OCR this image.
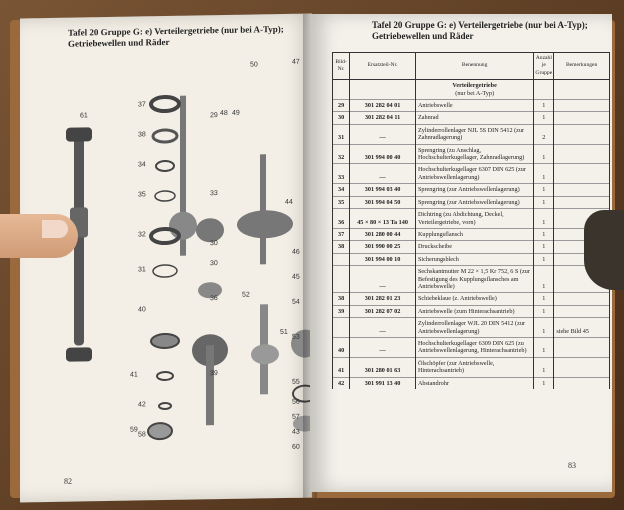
Tafel 20 Gruppe G: e) Verteilergetriebe (nur bei A-Typ);
Getriebewellen und Räder
37
38
29
50
49
48
47
61
34
30
35	33
44
32
31
46
30
36
45
52
40
53
51
54
41	39
55
42	56
57
58	43
59
60
82
Tafel 20 Gruppe G: e) Verteilergetriebe (nur bei A-Typ);
Getriebewellen und Räder
Bild-Nr.	Ersatzteil-Nr.	Benennung	Anzahl je Gruppe	Bemerkungen

		Verteilergetriebe
(nur bei A-Typ)		

29	301 282 04 01	Antriebswelle	1	
30	301 282 04 11	Zahnrad	1	
31	—	Zylinderrollenlager NJL 5S DIN 5412 (zur Zahnradlagerung)	2	
32	301 994 00 40	Sprengring (zu Anschlag, Hochschulterkugellager, Zahnradlagerung)	1	
33	—	Hochschulterkugellager 6307 DIN 625 (zur Antriebswellenlagerung)	1	
34	301 994 03 40	Sprengring (zur Antriebswellenlagerung)	1	
35	301 994 04 50	Sprengring (zur Antriebswellenlagerung)	1	
36	45 × 80 × 13 Ta 140	Dichtring (zu Abdichtung, Deckel, Verteilergetriebe, vorn)	1	
37	301 280 00 44	Kupplungsflansch	1	
38	301 990 00 25	Druckscheibe	1	
	301 994 00 10	Sicherungsblech	1	
	—	Sechskantmutter M 22 × 1,5 Kr 752, 6 S (zur Befestigung des Kupplungsflansches am Antriebswelle)	1	
38	301 282 01 23	Schiebeklaue (z. Antriebswelle)	1	
39	301 282 07 02	Antriebswelle (zum Hinterachsantrieb)	1	
	—	Zylinderrollenlager WJL 20 DIN 5412 (zur Antriebswellenlagerung)	1	siehe Bild 45
40	—	Hochschulterkugellager 6309 DIN 625 (zu Antriebswellenlagerung, Hinterachsantrieb)	1	
41	301 280 01 63	Ölschöpfer (zur Antriebswelle, Hinterachsantrieb)	1	
42	301 991 13 40	Abstandrohr	1	
83
